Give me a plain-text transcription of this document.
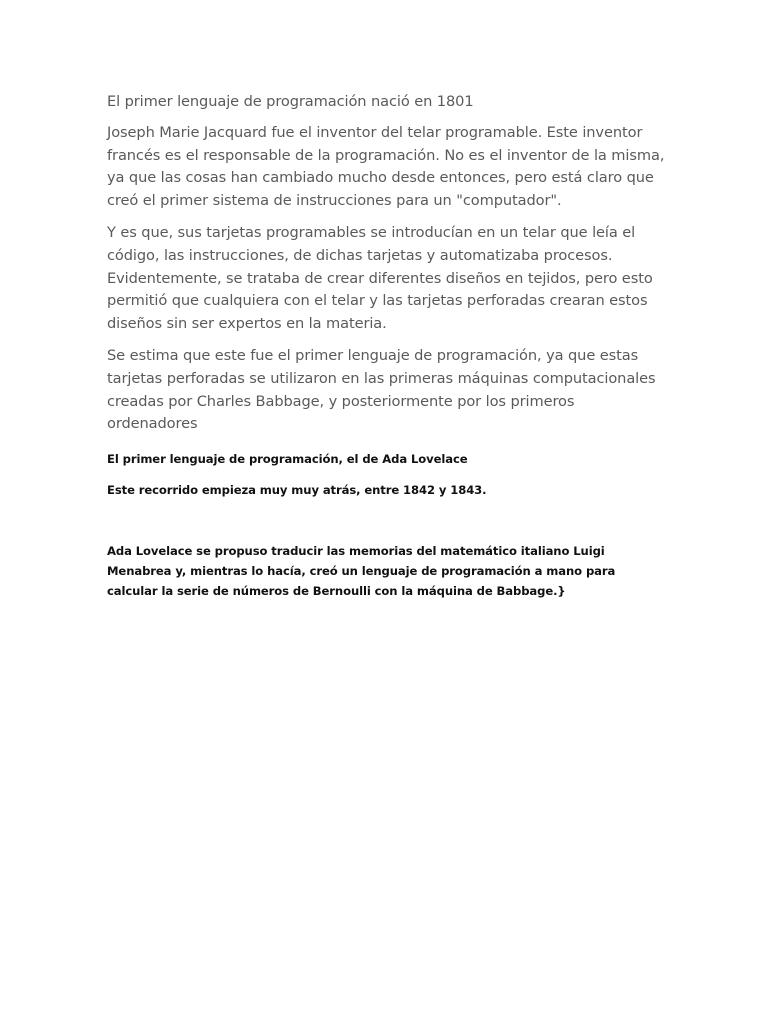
El primer lenguaje de programación nació en 1801

Joseph Marie Jacquard fue el inventor del telar programable. Este inventor francés es el responsable de la programación. No es el inventor de la misma, ya que las cosas han cambiado mucho desde entonces, pero está claro que creó el primer sistema de instrucciones para un "computador".

Y es que, sus tarjetas programables se introducían en un telar que leía el código, las instrucciones, de dichas tarjetas y automatizaba procesos. Evidentemente, se trataba de crear diferentes diseños en tejidos, pero esto permitió que cualquiera con el telar y las tarjetas perforadas crearan estos diseños sin ser expertos en la materia.

Se estima que este fue el primer lenguaje de programación, ya que estas tarjetas perforadas se utilizaron en las primeras máquinas computacionales creadas por Charles Babbage, y posteriormente por los primeros ordenadores

El primer lenguaje de programación, el de Ada Lovelace

Este recorrido empieza muy muy atrás, entre 1842 y 1843.

Ada Lovelace se propuso traducir las memorias del matemático italiano Luigi Menabrea y, mientras lo hacía, creó un lenguaje de programación a mano para calcular la serie de números de Bernoulli con la máquina de Babbage.}
